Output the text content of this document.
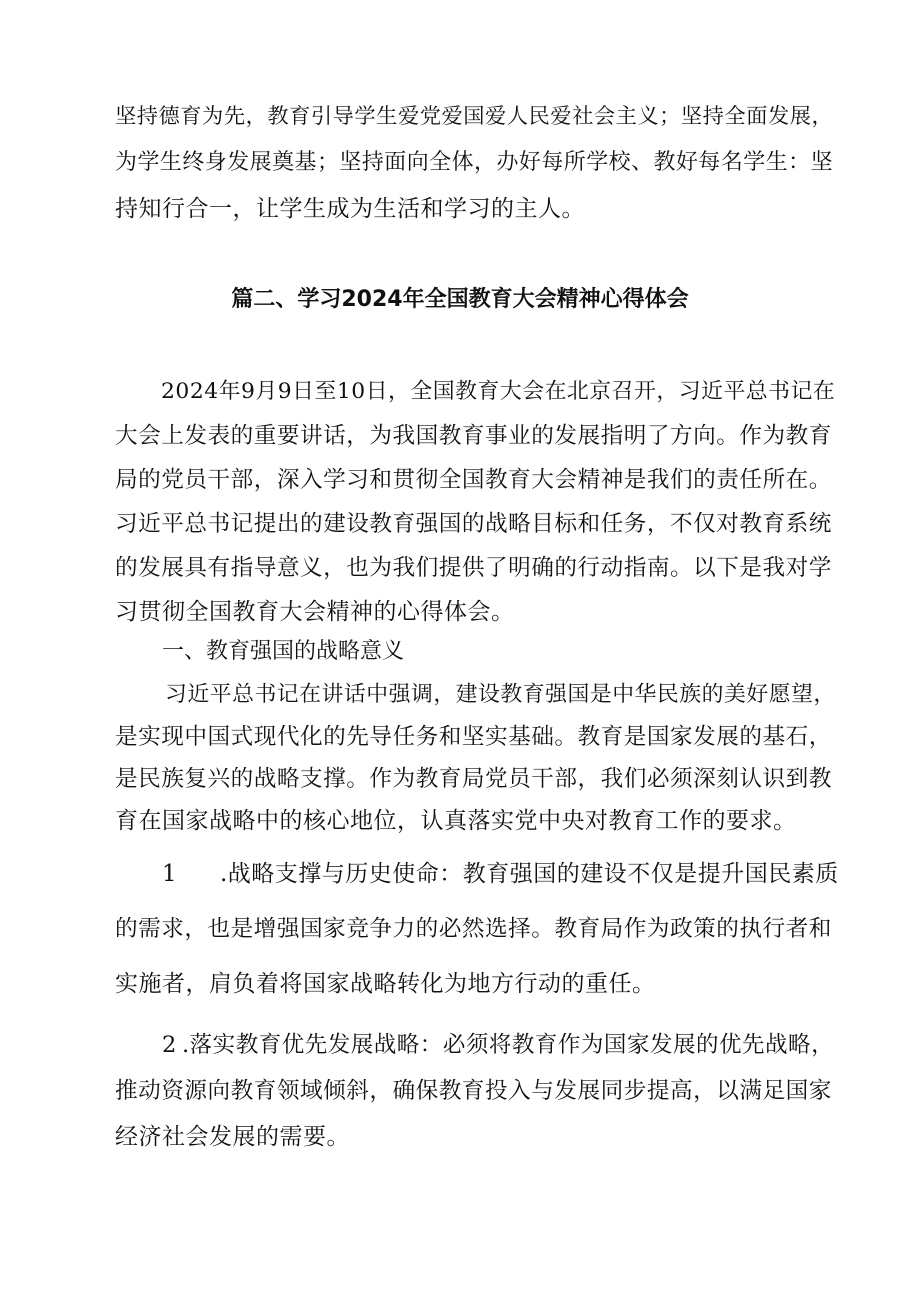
坚持德育为先，教育引导学生爱党爱国爱人民爱社会主义；坚持全面发展，
为学生终身发展奠基；坚持面向全体，办好每所学校、教好每名学生：坚
持知行合一，让学生成为生活和学习的主人。
篇二、学习2024年全国教育大会精神心得体会
2024年9月9日至10日，全国教育大会在北京召开，习近平总书记在
大会上发表的重要讲话，为我国教育事业的发展指明了方向。作为教育
局的党员干部，深入学习和贯彻全国教育大会精神是我们的责任所在。
习近平总书记提出的建设教育强国的战略目标和任务，不仅对教育系统
的发展具有指导意义，也为我们提供了明确的行动指南。以下是我对学
习贯彻全国教育大会精神的心得体会。
一、教育强国的战略意义
习近平总书记在讲话中强调，建设教育强国是中华民族的美好愿望，
是实现中国式现代化的先导任务和坚实基础。教育是国家发展的基石，
是民族复兴的战略支撑。作为教育局党员干部，我们必须深刻认识到教
育在国家战略中的核心地位，认真落实党中央对教育工作的要求。
1 .战略支撑与历史使命：教育强国的建设不仅是提升国民素质
的需求，也是增强国家竞争力的必然选择。教育局作为政策的执行者和
实施者，肩负着将国家战略转化为地方行动的重任。
2 .落实教育优先发展战略：必须将教育作为国家发展的优先战略，
推动资源向教育领域倾斜，确保教育投入与发展同步提高，以满足国家
经济社会发展的需要。
